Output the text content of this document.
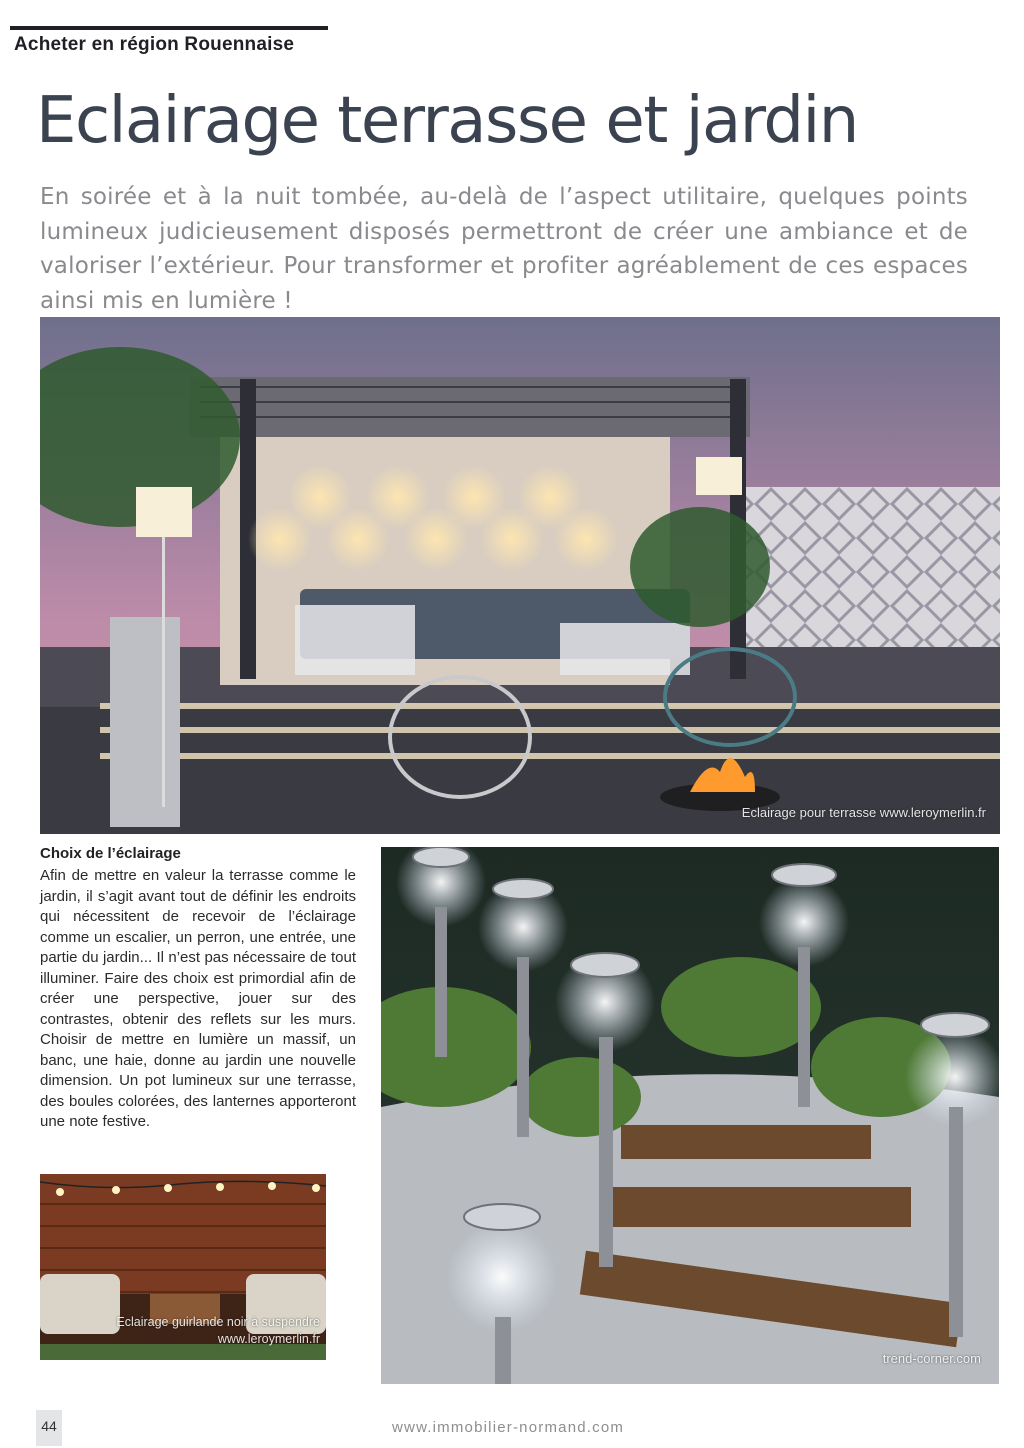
Acheter en région Rouennaise
Eclairage terrasse et jardin

En soirée et à la nuit tombée, au-delà de l’aspect utilitaire, quelques points lumineux judicieusement disposés permettront de créer une ambiance et de valoriser l’extérieur. Pour transformer et profiter agréablement de ces espaces ainsi mis en lumière !

Eclairage pour terrasse www.leroymerlin.fr
Choix de l’éclairage

Afin de mettre en valeur la terrasse comme le jardin, il s’agit avant tout de définir les endroits qui nécessitent de recevoir de l’éclairage comme un escalier, un perron, une entrée, une partie du jardin... Il n’est pas nécessaire de tout illuminer. Faire des choix est primordial afin de créer une perspective, jouer sur des contrastes, obtenir des reflets sur les murs. Choisir de mettre en lumière un massif, un banc, une haie, donne au jardin une nouvelle dimension. Un pot lumineux sur une terrasse, des boules colorées, des lanternes apporteront une note festive.

trend-corner.com
Eclairage guirlande noir à suspendre
www.leroymerlin.fr
44	www.immobilier-normand.com
